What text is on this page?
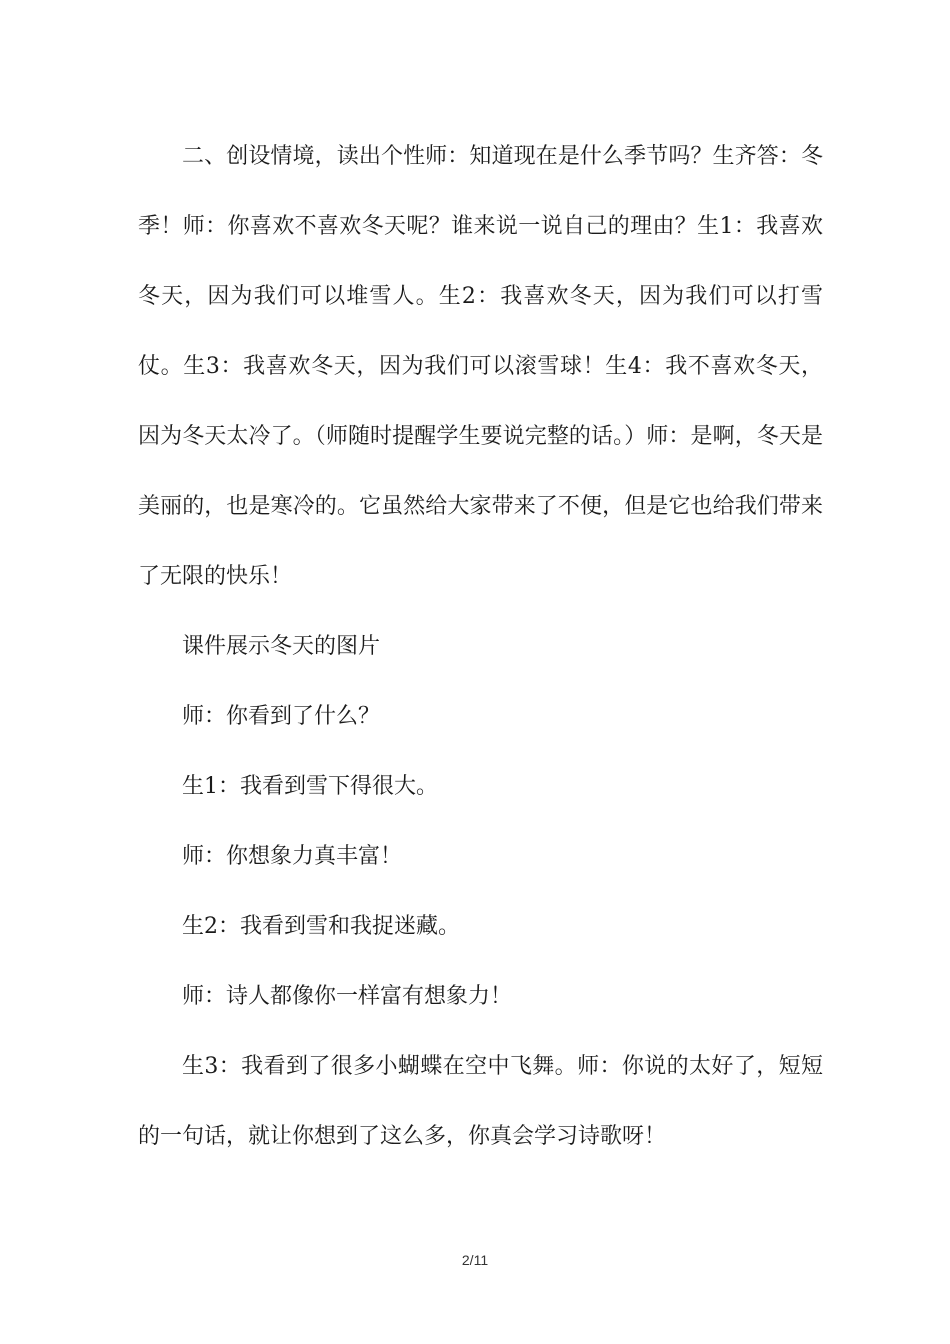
二、创设情境，读出个性师：知道现在是什么季节吗？生齐答：冬季！师：你喜欢不喜欢冬天呢？谁来说一说自己的理由？生1：我喜欢冬天，因为我们可以堆雪人。生2：我喜欢冬天，因为我们可以打雪仗。生3：我喜欢冬天，因为我们可以滚雪球！生4：我不喜欢冬天，因为冬天太冷了。（师随时提醒学生要说完整的话。）师：是啊，冬天是美丽的，也是寒冷的。它虽然给大家带来了不便，但是它也给我们带来了无限的快乐！

课件展示冬天的图片

师：你看到了什么？

生1：我看到雪下得很大。

师：你想象力真丰富！

生2：我看到雪和我捉迷藏。

师：诗人都像你一样富有想象力！

生3：我看到了很多小蝴蝶在空中飞舞。师：你说的太好了，短短的一句话，就让你想到了这么多，你真会学习诗歌呀！

2/11
